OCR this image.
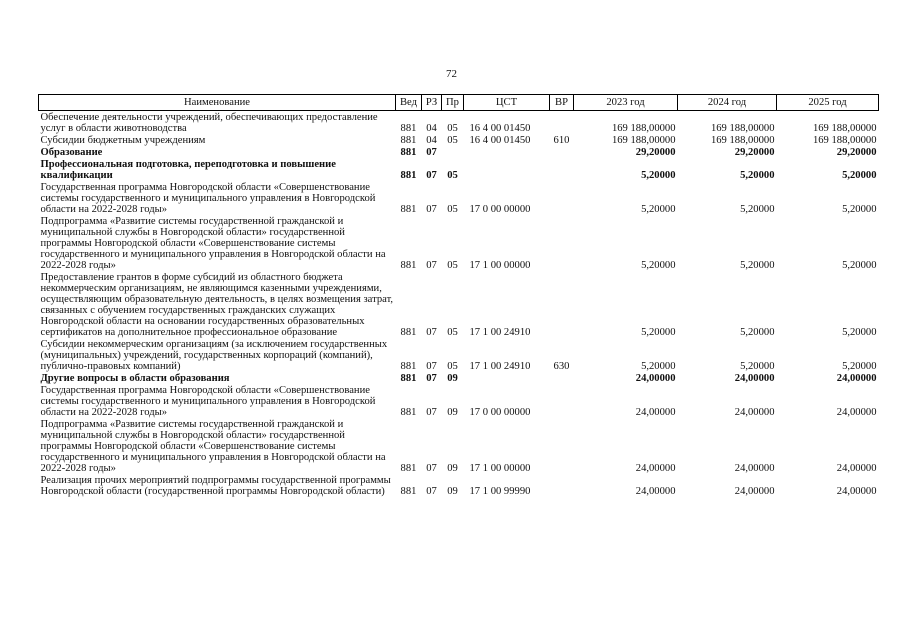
72
Наименование	Вед	РЗ	Пр	ЦСТ	ВР	2023 год	2024 год	2025 год
Обеспечение деятельности учреждений, обеспечивающих предоставление услуг в области животноводства	881	04	05	16 4 00 01450		169 188,00000	169 188,00000	169 188,00000
Субсидии бюджетным учреждениям	881	04	05	16 4 00 01450	610	169 188,00000	169 188,00000	169 188,00000
Образование	881	07				29,20000	29,20000	29,20000
Профессиональная подготовка, переподготовка и повышение квалификации	881	07	05			5,20000	5,20000	5,20000
Государственная программа Новгородской области «Совершенствование системы государственного и муниципального управления в Новгородской области на 2022-2028 годы»	881	07	05	17 0 00 00000		5,20000	5,20000	5,20000
Подпрограмма «Развитие системы государственной гражданской и муниципальной службы в Новгородской области» государственной программы Новгородской области «Совершенствование системы государственного и муниципального управления в Новгородской области на 2022-2028 годы»	881	07	05	17 1 00 00000		5,20000	5,20000	5,20000
Предоставление грантов в форме субсидий из областного бюджета некоммерческим организациям, не являющимся казенными учреждениями, осуществляющим образовательную деятельность, в целях возмещения затрат, связанных с обучением государственных гражданских служащих Новгородской области на основании государственных образовательных сертификатов на дополнительное профессиональное образование	881	07	05	17 1 00 24910		5,20000	5,20000	5,20000
Субсидии некоммерческим организациям (за исключением государственных (муниципальных) учреждений, государственных корпораций (компаний), публично-правовых компаний)	881	07	05	17 1 00 24910	630	5,20000	5,20000	5,20000
Другие вопросы в области образования	881	07	09			24,00000	24,00000	24,00000
Государственная программа Новгородской области «Совершенствование системы государственного и муниципального управления в Новгородской области на 2022-2028 годы»	881	07	09	17 0 00 00000		24,00000	24,00000	24,00000
Подпрограмма «Развитие системы государственной гражданской и муниципальной службы в Новгородской области» государственной программы Новгородской области «Совершенствование системы государственного и муниципального управления в Новгородской области на 2022-2028 годы»	881	07	09	17 1 00 00000		24,00000	24,00000	24,00000
Реализация прочих мероприятий подпрограммы государственной программы Новгородской области (государственной программы Новгородской области)	881	07	09	17 1 00 99990		24,00000	24,00000	24,00000
